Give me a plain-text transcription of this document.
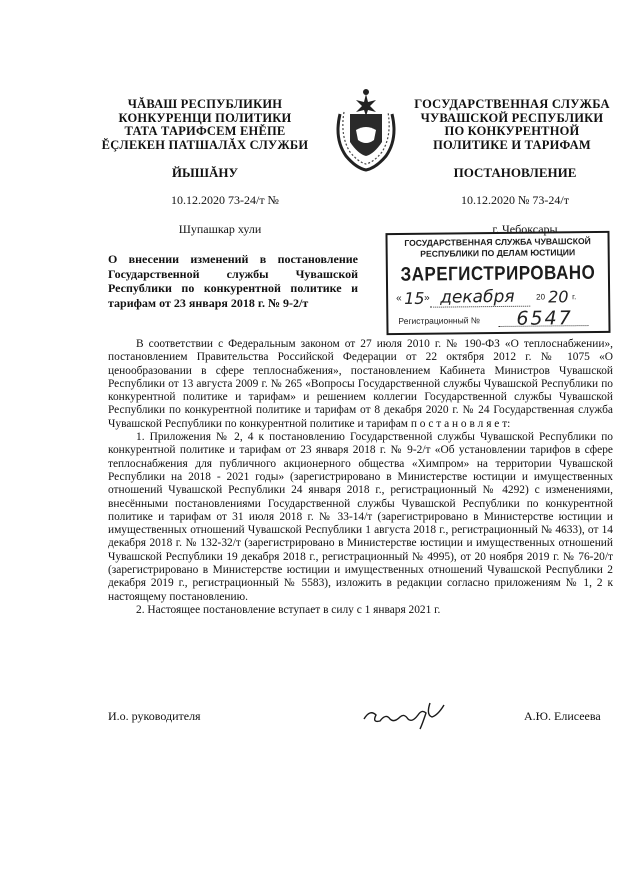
ЧĂВАШ РЕСПУБЛИКИН
КОНКУРЕНЦИ ПОЛИТИКИ
ТАТА ТАРИФСЕМ ЕНĚПЕ
ĔÇЛЕКЕН ПАТШАЛĂХ СЛУЖБИ
ГОСУДАРСТВЕННАЯ СЛУЖБА
ЧУВАШСКОЙ РЕСПУБЛИКИ
ПО КОНКУРЕНТНОЙ
ПОЛИТИКЕ И ТАРИФАМ
ЙЫШĂНУ	ПОСТАНОВЛЕНИЕ
10.12.2020 73-24/т №	10.12.2020 № 73-24/т
Шупашкар хули	г. Чебоксары
ГОСУДАРСТВЕННАЯ СЛУЖБА ЧУВАШСКОЙ
РЕСПУБЛИКИ ПО ДЕЛАМ ЮСТИЦИИ
ЗАРЕГИСТРИРОВАНО
« 15 » декабря	20 20 г.
Регистрационный № 6547
О внесении изменений в постановление Государственной службы Чувашской Республики по конкурентной политике и тарифам от 23 января 2018 г. № 9-2/т

В соответствии с Федеральным законом от 27 июля 2010 г. № 190-ФЗ «О теплоснабжении», постановлением Правительства Российской Федерации от 22 октября 2012 г. № 1075 «О ценообразовании в сфере теплоснабжения», постановлением Кабинета Министров Чувашской Республики от 13 августа 2009 г. № 265 «Вопросы Государственной службы Чувашской Республики по конкурентной политике и тарифам» и решением коллегии Государственной службы Чувашской Республики по конкурентной политике и тарифам от 8 декабря 2020 г. № 24 Государственная служба Чувашской Республики по конкурентной политике и тарифам п о с т а н о в л я е т:

1. Приложения № 2, 4 к постановлению Государственной службы Чувашской Республики по конкурентной политике и тарифам от 23 января 2018 г. № 9-2/т «Об установлении тарифов в сфере теплоснабжения для публичного акционерного общества «Химпром» на территории Чувашской Республики на 2018 - 2021 годы» (зарегистрировано в Министерстве юстиции и имущественных отношений Чувашской Республики 24 января 2018 г., регистрационный № 4292) с изменениями, внесёнными постановлениями Государственной службы Чувашской Республики по конкурентной политике и тарифам от 31 июля 2018 г. № 33-14/т (зарегистрировано в Министерстве юстиции и имущественных отношений Чувашской Республики 1 августа 2018 г., регистрационный № 4633), от 14 декабря 2018 г. № 132-32/т (зарегистрировано в Министерстве юстиции и имущественных отношений Чувашской Республики 19 декабря 2018 г., регистрационный № 4995), от 20 ноября 2019 г. № 76-20/т (зарегистрировано в Министерстве юстиции и имущественных отношений Чувашской Республики 2 декабря 2019 г., регистрационный № 5583), изложить в редакции согласно приложениям № 1, 2 к настоящему постановлению.

2. Настоящее постановление вступает в силу с 1 января 2021 г.

И.о. руководителя	А.Ю. Елисеева
